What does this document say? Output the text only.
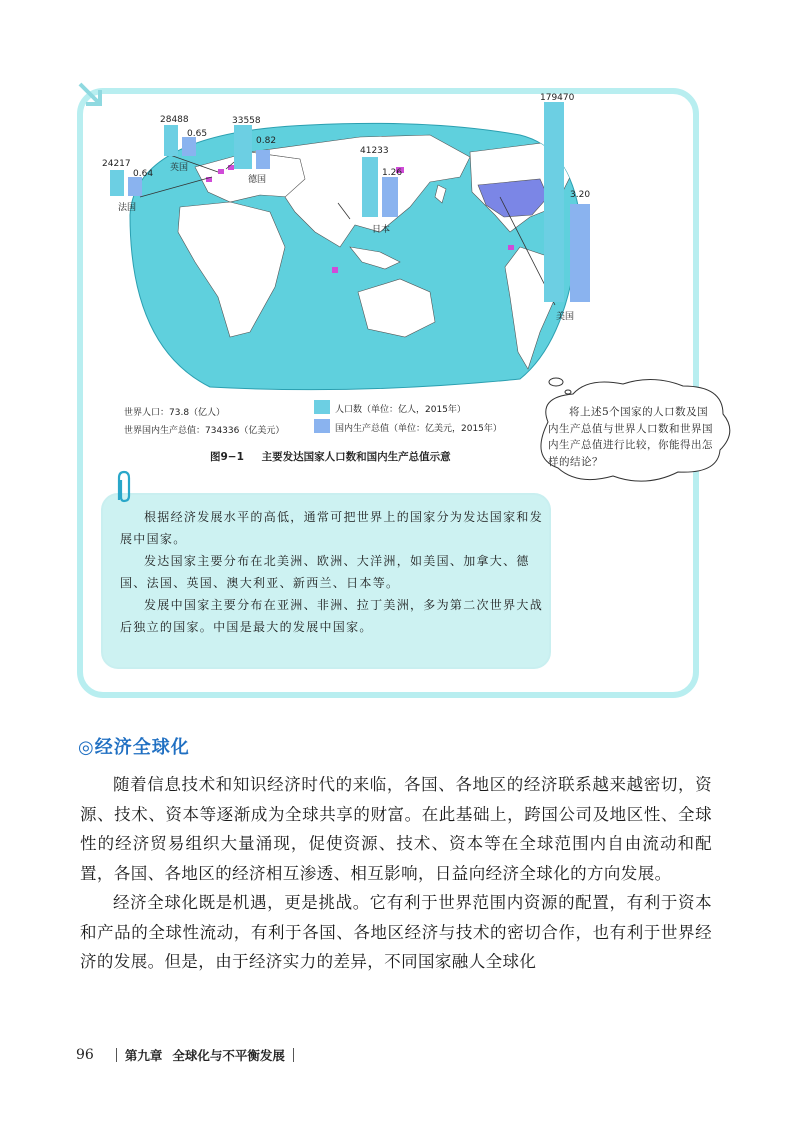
24217
0.64
法国
28488
0.65
英国
33558
0.82
德国
41233
1.26
日本
179470
3.20
美国
世界人口：73.8（亿人）
世界国内生产总值：734336（亿美元）
人口数（单位：亿人，2015年）
国内生产总值（单位：亿美元，2015年）
图9−1 主要发达国家人口数和国内生产总值示意
将上述5个国家的人口数及国内生产总值与世界人口数和世界国内生产总值进行比较，你能得出怎样的结论？

根据经济发展水平的高低，通常可把世界上的国家分为发达国家和发展中国家。

发达国家主要分布在北美洲、欧洲、大洋洲，如美国、加拿大、德国、法国、英国、澳大利亚、新西兰、日本等。

发展中国家主要分布在亚洲、非洲、拉丁美洲，多为第二次世界大战后独立的国家。中国是最大的发展中国家。

◎经济全球化

随着信息技术和知识经济时代的来临，各国、各地区的经济联系越来越密切，资源、技术、资本等逐渐成为全球共享的财富。在此基础上，跨国公司及地区性、全球性的经济贸易组织大量涌现，促使资源、技术、资本等在全球范围内自由流动和配置，各国、各地区的经济相互渗透、相互影响，日益向经济全球化的方向发展。

经济全球化既是机遇，更是挑战。它有利于世界范围内资源的配置，有利于资本和产品的全球性流动，有利于各国、各地区经济与技术的密切合作，也有利于世界经济的发展。但是，由于经济实力的差异，不同国家融人全球化

96 第九章 全球化与不平衡发展
